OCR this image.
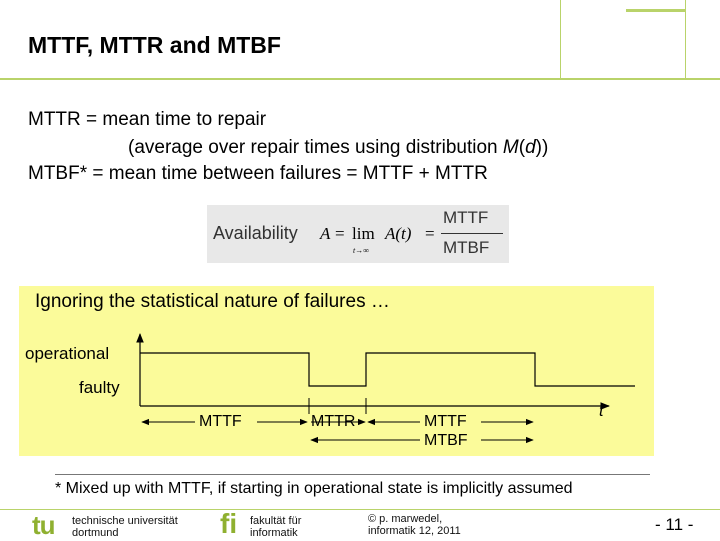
MTTF, MTTR and MTBF
MTTR = mean time to repair
(average over repair times using distribution M(d))
MTBF* = mean time between failures = MTTF + MTTR
Availability A = lim
t→∞
A(t) =
MTTF
MTBF
Ignoring the statistical nature of failures …
operational
faulty
MTTF	MTTR	MTTF
MTBF
t
* Mixed up with MTTF, if starting in operational state is implicitly assumed
tu technische universität
dortmund	fi fakultät für
informatik
© p. marwedel,
informatik 12, 2011	- 11 -
